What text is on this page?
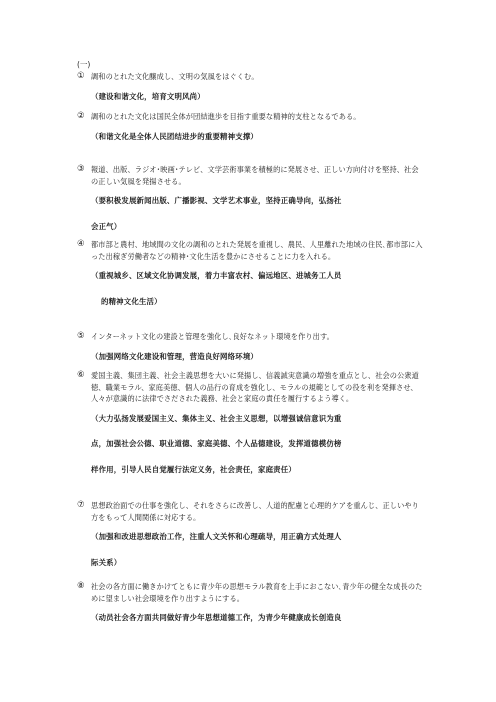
(一)
① 調和のとれた文化醸成し、文明の気風をはぐくむ。
（建设和谐文化，培育文明风尚）
② 調和のとれた文化は国民全体が団結進歩を目指す重要な精神的支柱となるである。
（和谐文化是全体人民团结进步的重要精神支撑）
③ 報道、出版、ラジオ･映画･テレビ、文学芸術事業を積極的に発展させ、正しい方向付けを堅持、社会の正しい気風を発揚させる。
（要积极发展新闻出版、广播影视、文学艺术事业，坚持正确导向，弘扬社
会正气）
④ 都市部と農村、地域間の文化の調和のとれた発展を重視し、農民、人里離れた地域の住民､都市部に入った出稼ぎ労働者などの精神･文化生活を豊かにさせることに力を入れる。
（重视城乡、区域文化协调发展，着力丰富农村、偏远地区、进城务工人员
的精神文化生活）
⑤ インターネット文化の建設と管理を強化し､良好なネット環境を作り出す。
（加强网络文化建设和管理，营造良好网络环境）
⑥ 愛国主義、集団主義、社会主義思想を大いに発揚し、信義誠実意識の増強を重点とし、社会の公衆道徳、職業モラル、家庭美徳、個人の品行の育成を強化し、モラルの規範としての役を利を発揮させ、人々が意識的に法律でさだされた義務、社会と家庭の責任を履行するよう導く。
（大力弘扬发展爱国主义、集体主义、社会主义思想，以增强诚信意识为重
点，加强社会公德、职业道德、家庭美德、个人品德建设，发挥道德模仿榜
样作用，引导人民自觉履行法定义务，社会责任，家庭责任）
⑦ 思想政治面での仕事を強化し、それをさらに改善し、人道的配慮と心理的ケアを重んじ、正しいやり方をもって人間関係に対応する。
（加强和改进思想政治工作，注重人文关怀和心理疏导，用正确方式处理人
际关系）
⑧ 社会の各方面に働きかけてともに青少年の思想モラル教育を上手におこない､青少年の健全な成長のために望ましい社会環境を作り出すようにする。
（动员社会各方面共同做好青少年思想道德工作，为青少年健康成长创造良
